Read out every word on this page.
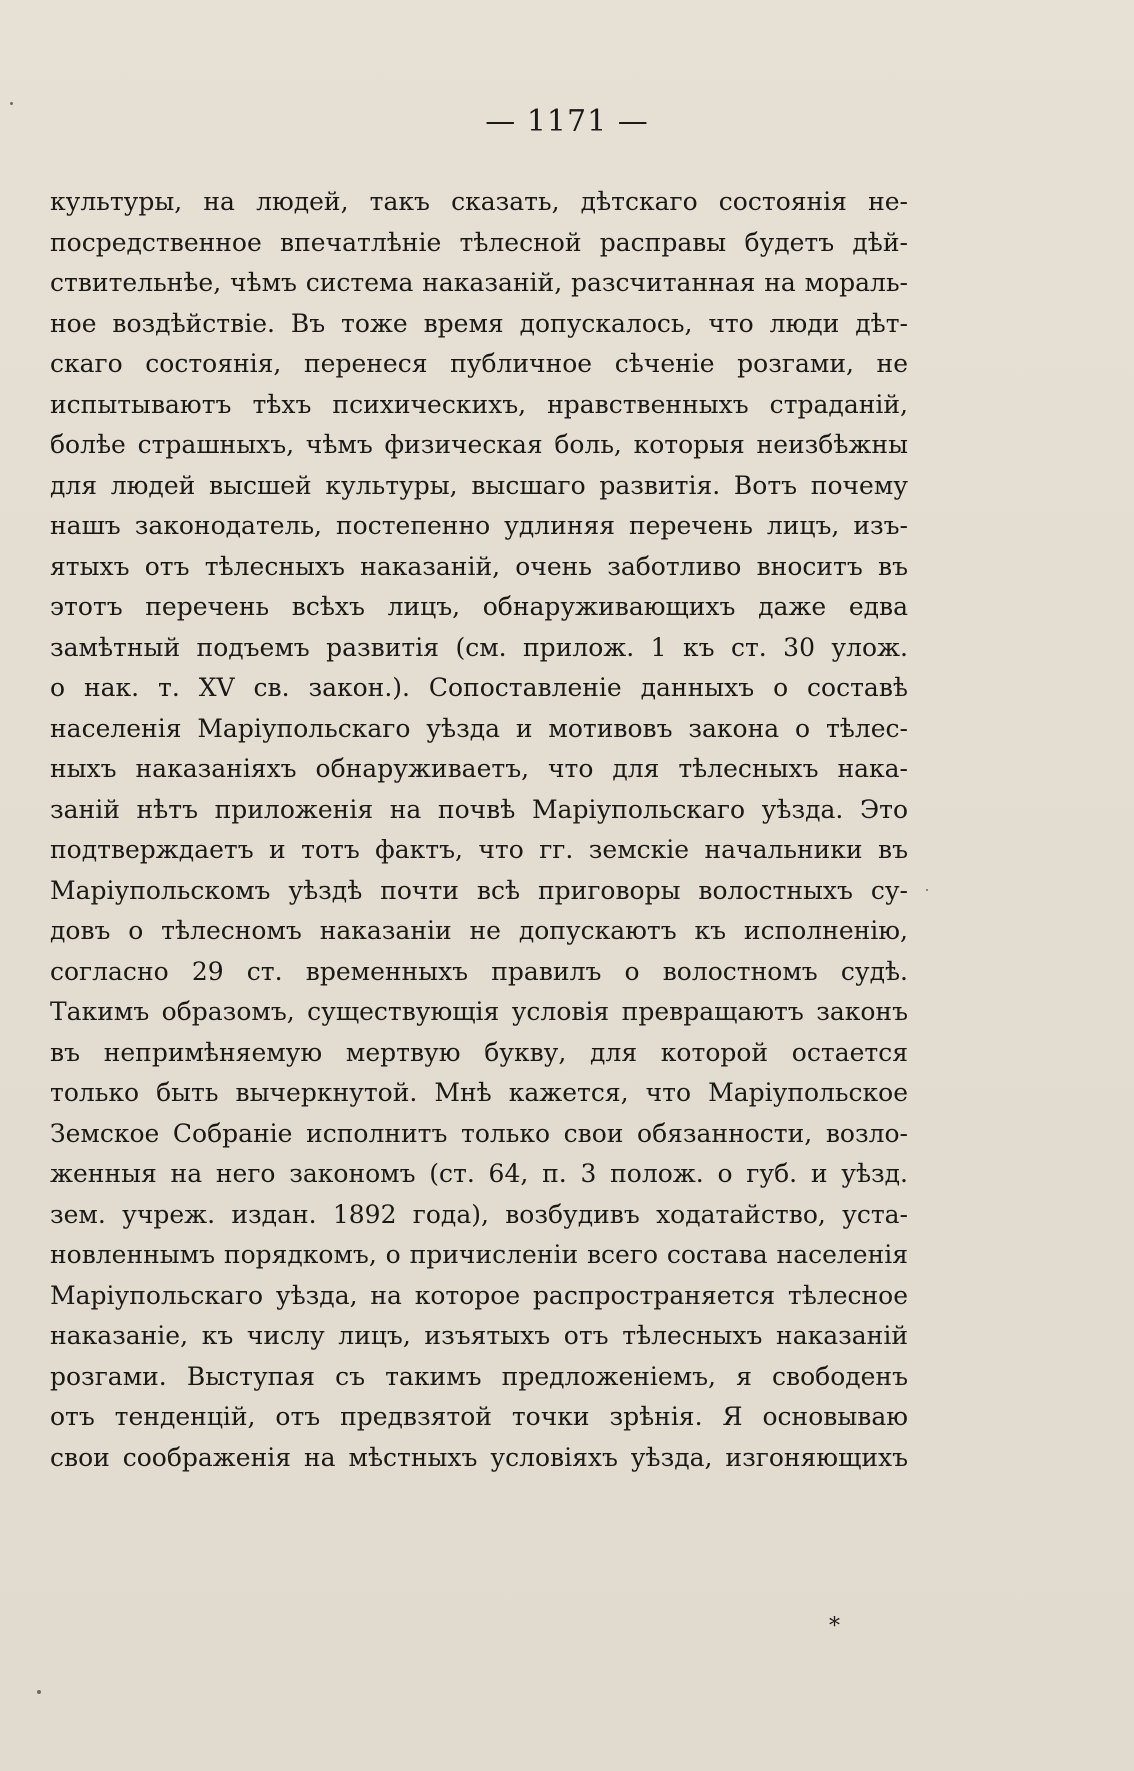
— 1171 —
культуры, на людей, такъ сказать, дѣтскаго состоянія не-
посредственное впечатлѣніе тѣлесной расправы будетъ дѣй-
ствительнѣе, чѣмъ система наказаній, разсчитанная на мораль-
ное воздѣйствіе. Въ тоже время допускалось, что люди дѣт-
скаго состоянія, перенеся публичное сѣченіе розгами, не
испытываютъ тѣхъ психическихъ, нравственныхъ страданій,
болѣе страшныхъ, чѣмъ физическая боль, которыя неизбѣжны
для людей высшей культуры, высшаго развитія. Вотъ почему
нашъ законодатель, постепенно удлиняя перечень лицъ, изъ-
ятыхъ отъ тѣлесныхъ наказаній, очень заботливо вноситъ въ
этотъ перечень всѣхъ лицъ, обнаруживающихъ даже едва
замѣтный подъемъ развитія (см. прилож. 1 къ ст. 30 улож.
о нак. т. XV св. закон.). Сопоставленіе данныхъ о составѣ
населенія Маріупольскаго уѣзда и мотивовъ закона о тѣлес-
ныхъ наказаніяхъ обнаруживаетъ, что для тѣлесныхъ нака-
заній нѣтъ приложенія на почвѣ Маріупольскаго уѣзда. Это
подтверждаетъ и тотъ фактъ, что гг. земскіе начальники въ
Маріупольскомъ уѣздѣ почти всѣ приговоры волостныхъ су-
довъ о тѣлесномъ наказаніи не допускаютъ къ исполненію,
согласно 29 ст. временныхъ правилъ о волостномъ судѣ.
Такимъ образомъ, существующія условія превращаютъ законъ
въ непримѣняемую мертвую букву, для которой остается
только быть вычеркнутой. Мнѣ кажется, что Маріупольское
Земское Собраніе исполнитъ только свои обязанности, возло-
женныя на него закономъ (ст. 64, п. 3 полож. о губ. и уѣзд.
зем. учреж. издан. 1892 года), возбудивъ ходатайство, уста-
новленнымъ порядкомъ, о причисленіи всего состава населенія
Маріупольскаго уѣзда, на которое распространяется тѣлесное
наказаніе, къ числу лицъ, изъятыхъ отъ тѣлесныхъ наказаній
розгами. Выступая съ такимъ предложеніемъ, я свободенъ
отъ тенденцій, отъ предвзятой точки зрѣнія. Я основываю
свои соображенія на мѣстныхъ условіяхъ уѣзда, изгоняющихъ
*
